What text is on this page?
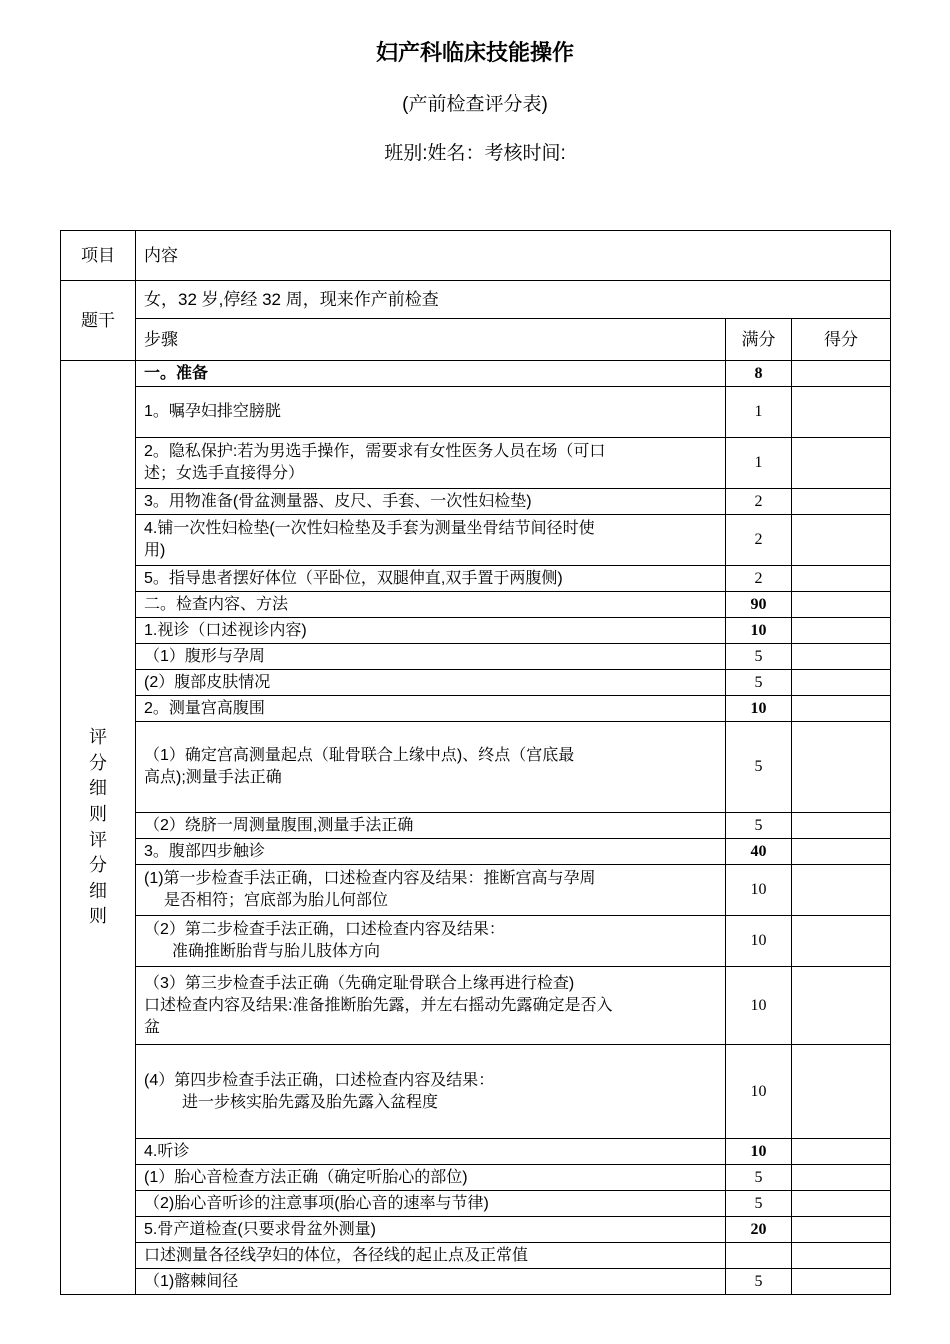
妇产科临床技能操作
(产前检查评分表)
班别:姓名：考核时间:
项目	内容		
题干	女，32 岁,停经 32 周，现来作产前检查		
	步骤	满分	得分
评分细则评分细则	一。准备	8	
	1。嘱孕妇排空膀胱	1	

	2。隐私保护:若为男选手操作，需要求有女性医务人员在场（可口
述；女选手直接得分）	1	
	3。用物准备(骨盆测量器、皮尺、手套、一次性妇检垫)	2	

	4.铺一次性妇检垫(一次性妇检垫及手套为测量坐骨结节间径时使
用)	2	
	5。指导患者摆好体位（平卧位，双腿伸直,双手置于两腹侧)	2	
	二。检查内容、方法	90	
	1.视诊（口述视诊内容)	10	
	（1）腹形与孕周	5	
	(2）腹部皮肤情况	5	
	2。测量宫高腹围	10	

	（1）确定宫高测量起点（耻骨联合上缘中点)、终点（宫底最
高点);测量手法正确	5	
	（2）绕脐一周测量腹围,测量手法正确	5	
	3。腹部四步触诊	40	

	(1)第一步检查手法正确，口述检查内容及结果：推断宫高与孕周
是否相符；宫底部为胎儿何部位	10	

	（2）第二步检查手法正确，口述检查内容及结果：
准确推断胎背与胎儿肢体方向	10	

	（3）第三步检查手法正确（先确定耻骨联合上缘再进行检查)
口述检查内容及结果:准备推断胎先露，并左右摇动先露确定是否入
盆	10	

	(4）第四步检查手法正确，口述检查内容及结果：
进一步核实胎先露及胎先露入盆程度	10	
	4.听诊	10	
	(1）胎心音检查方法正确（确定听胎心的部位)	5	
	（2)胎心音听诊的注意事项(胎心音的速率与节律)	5	
	5.骨产道检查(只要求骨盆外测量)	20	
	口述测量各径线孕妇的体位，各径线的起止点及正常值		
	（1)髂棘间径	5	
